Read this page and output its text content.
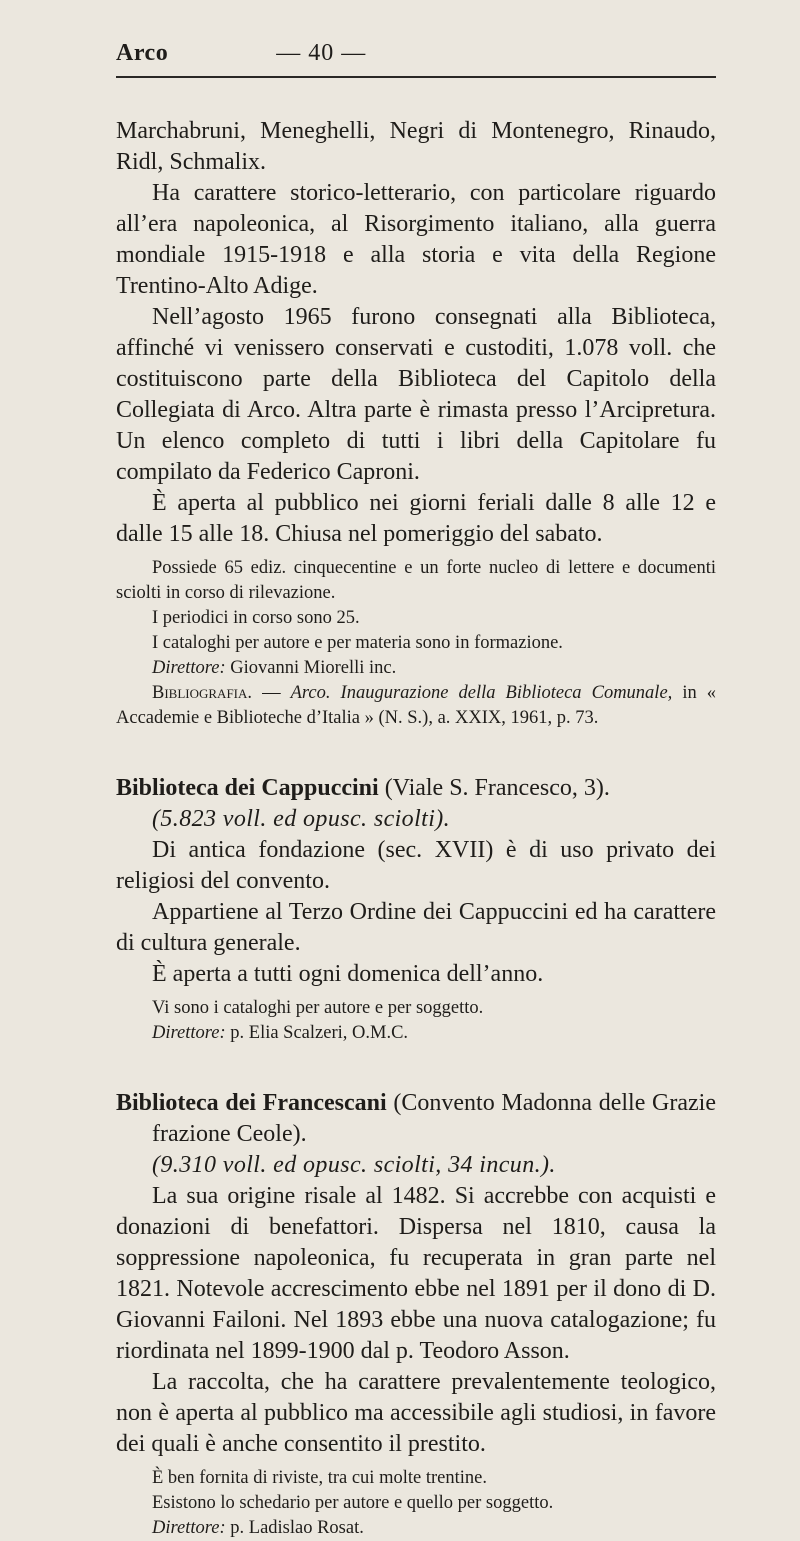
Arco	— 40 —

Marchabruni, Meneghelli, Negri di Montenegro, Rinaudo, Ridl, Schmalix.

Ha carattere storico-letterario, con particolare riguardo all’era napoleonica, al Risorgimento italiano, alla guerra mondiale 1915-1918 e alla storia e vita della Regione Trentino-Alto Adige.

Nell’agosto 1965 furono consegnati alla Biblioteca, affinché vi venissero conservati e custoditi, 1.078 voll. che costituiscono parte della Biblioteca del Capitolo della Collegiata di Arco. Altra parte è rimasta presso l’Arcipretura. Un elenco completo di tutti i libri della Capitolare fu compilato da Federico Caproni.

È aperta al pubblico nei giorni feriali dalle 8 alle 12 e dalle 15 alle 18. Chiusa nel pomeriggio del sabato.

Possiede 65 ediz. cinquecentine e un forte nucleo di lettere e documenti sciolti in corso di rilevazione.

I periodici in corso sono 25.

I cataloghi per autore e per materia sono in formazione.

Direttore: Giovanni Miorelli inc.

Bibliografia. — Arco. Inaugurazione della Biblioteca Comunale, in « Accademie e Biblioteche d’Italia » (N. S.), a. XXIX, 1961, p. 73.

Biblioteca dei Cappuccini (Viale S. Francesco, 3).

(5.823 voll. ed opusc. sciolti).

Di antica fondazione (sec. XVII) è di uso privato dei religiosi del convento.

Appartiene al Terzo Ordine dei Cappuccini ed ha carattere di cultura generale.

È aperta a tutti ogni domenica dell’anno.

Vi sono i cataloghi per autore e per soggetto.

Direttore: p. Elia Scalzeri, O.M.C.

Biblioteca dei Francescani (Convento Madonna delle Grazie frazione Ceole).

(9.310 voll. ed opusc. sciolti, 34 incun.).

La sua origine risale al 1482. Si accrebbe con acquisti e donazioni di benefattori. Dispersa nel 1810, causa la soppressione napoleonica, fu recuperata in gran parte nel 1821. Notevole accrescimento ebbe nel 1891 per il dono di D. Giovanni Failoni. Nel 1893 ebbe una nuova catalogazione; fu riordinata nel 1899-1900 dal p. Teodoro Asson.

La raccolta, che ha carattere prevalentemente teologico, non è aperta al pubblico ma accessibile agli studiosi, in favore dei quali è anche consentito il prestito.

È ben fornita di riviste, tra cui molte trentine.

Esistono lo schedario per autore e quello per soggetto.

Direttore: p. Ladislao Rosat.
